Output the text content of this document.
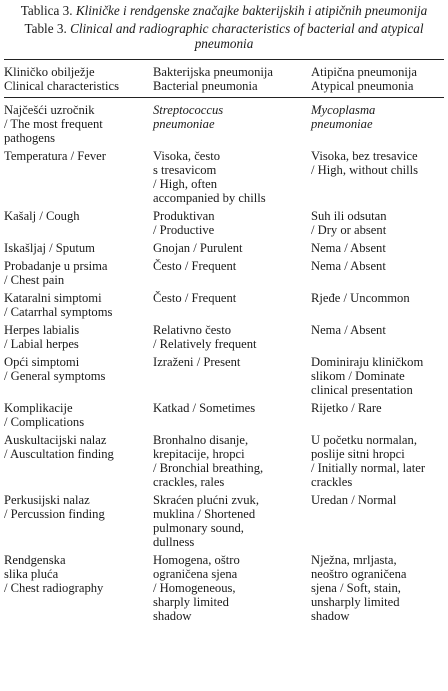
Tablica 3. Kliničke i rendgenske značajke bakterijskih i atipičnih pneumonija

Table 3. Clinical and radiographic characteristics of bacterial and atypical pneumonia

Kliničko obilježje
Clinical characteristics	Bakterijska pneumonija
Bacterial pneumonia	Atipična pneumonija
Atypical pneumonia

Najčešći uzročnik
/ The most frequent
pathogens	Streptococcus
pneumoniae	Mycoplasma
pneumoniae

Temperatura / Fever	Visoka, često
s tresavicom
/ High, often
accompanied by chills	Visoka, bez tresavice
/ High, without chills

Kašalj / Cough	Produktivan
/ Productive	Suh ili odsutan
/ Dry or absent

Iskašljaj / Sputum	Gnojan / Purulent	Nema / Absent

Probadanje u prsima
/ Chest pain	Često / Frequent	Nema / Absent

Kataralni simptomi
/ Catarrhal symptoms	Često / Frequent	Rjeđe / Uncommon

Herpes labialis
/ Labial herpes	Relativno često
/ Relatively frequent	Nema / Absent

Opći simptomi
/ General symptoms	Izraženi / Present	Dominiraju kliničkom
slikom / Dominate
clinical presentation

Komplikacije
/ Complications	Katkad / Sometimes	Rijetko / Rare

Auskultacijski nalaz
/ Auscultation finding	Bronhalno disanje,
krepitacije, hropci
/ Bronchial breathing,
crackles, rales	U početku normalan,
poslije sitni hropci
/ Initially normal, later
crackles

Perkusijski nalaz
/ Percussion finding	Skraćen plućni zvuk,
muklina / Shortened
pulmonary sound,
dullness	Uredan / Normal

Rendgenska
slika pluća
/ Chest radiography	Homogena, oštro
ograničena sjena
/ Homogeneous,
sharply limited
shadow	Nježna, mrljasta,
neoštro ograničena
sjena / Soft, stain,
unsharply limited
shadow
